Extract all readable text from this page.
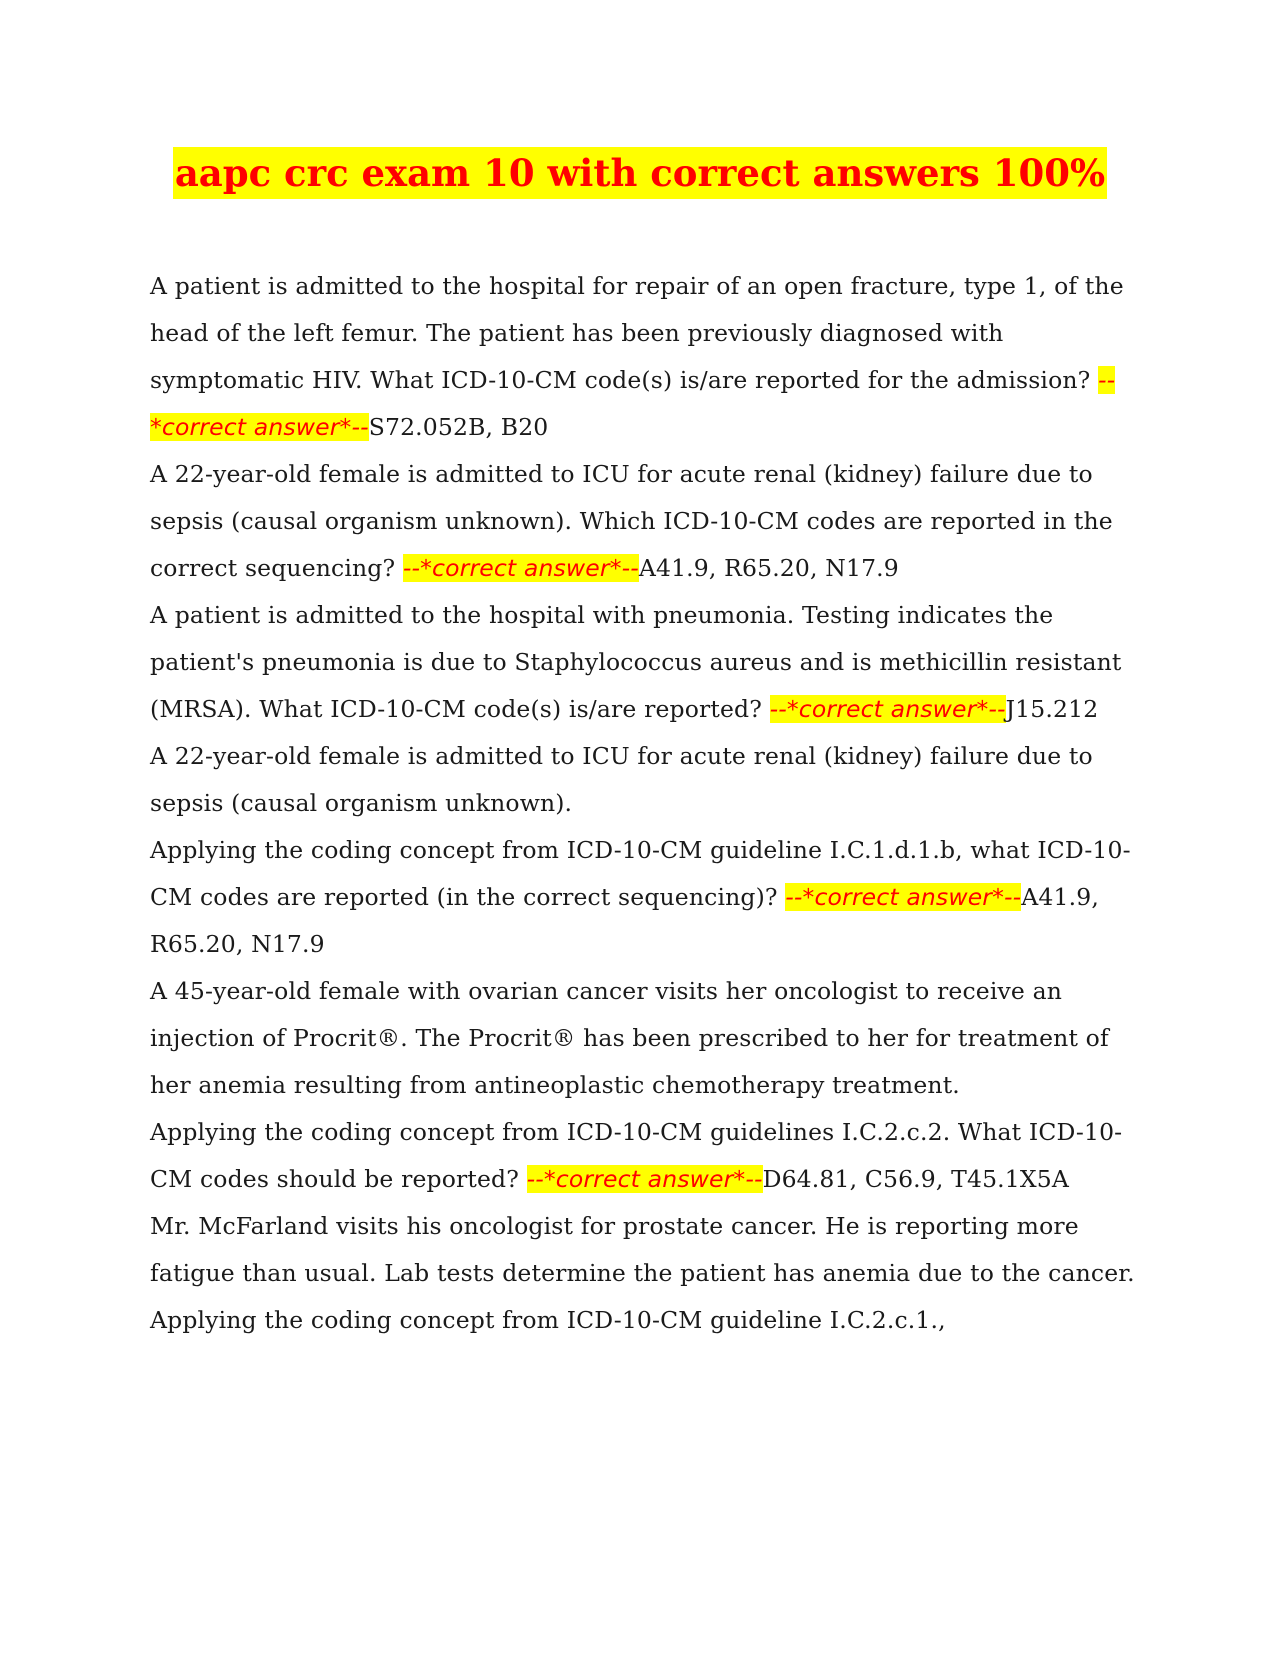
aapc crc exam 10 with correct answers 100%

A patient is admitted to the hospital for repair of an open fracture, type 1, of the head of the left femur. The patient has been previously diagnosed with symptomatic HIV. What ICD-10-CM code(s) is/are reported for the admission? --*correct answer*--S72.052B, B20

A 22-year-old female is admitted to ICU for acute renal (kidney) failure due to sepsis (causal organism unknown). Which ICD-10-CM codes are reported in the correct sequencing? --*correct answer*--A41.9, R65.20, N17.9

A patient is admitted to the hospital with pneumonia. Testing indicates the patient's pneumonia is due to Staphylococcus aureus and is methicillin resistant (MRSA). What ICD-10-CM code(s) is/are reported? --*correct answer*--J15.212

A 22-year-old female is admitted to ICU for acute renal (kidney) failure due to sepsis (causal organism unknown).
Applying the coding concept from ICD-10-CM guideline I.C.1.d.1.b, what ICD-10-CM codes are reported (in the correct sequencing)? --*correct answer*--A41.9, R65.20, N17.9

A 45-year-old female with ovarian cancer visits her oncologist to receive an injection of Procrit®. The Procrit® has been prescribed to her for treatment of her anemia resulting from antineoplastic chemotherapy treatment.
Applying the coding concept from ICD-10-CM guidelines I.C.2.c.2. What ICD-10-CM codes should be reported? --*correct answer*--D64.81, C56.9, T45.1X5A

Mr. McFarland visits his oncologist for prostate cancer. He is reporting more fatigue than usual. Lab tests determine the patient has anemia due to the cancer. Applying the coding concept from ICD-10-CM guideline I.C.2.c.1.,
